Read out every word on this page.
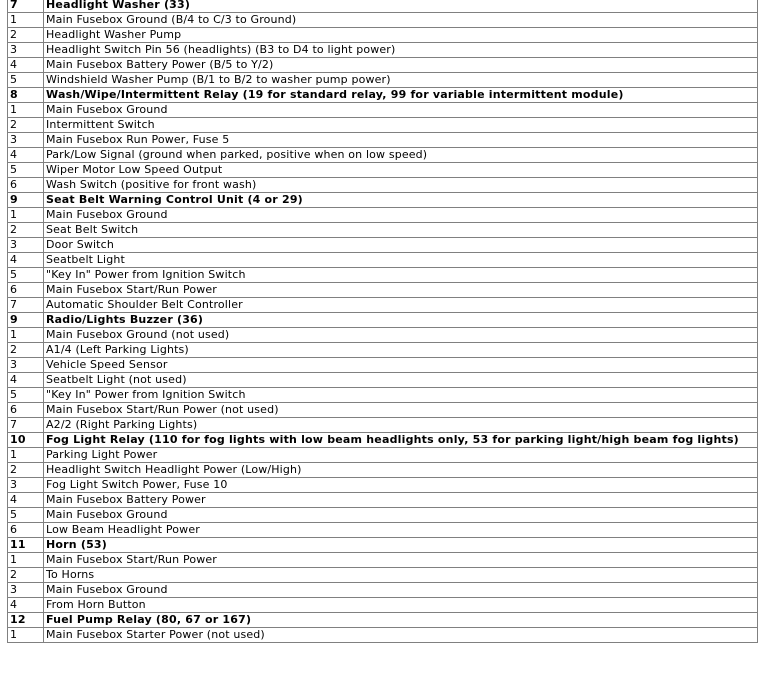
7	Headlight Washer (33)
1	Main Fusebox Ground (B/4 to C/3 to Ground)
2	Headlight Washer Pump
3	Headlight Switch Pin 56 (headlights) (B3 to D4 to light power)
4	Main Fusebox Battery Power (B/5 to Y/2)
5	Windshield Washer Pump (B/1 to B/2 to washer pump power)
8	Wash/Wipe/Intermittent Relay (19 for standard relay, 99 for variable intermittent module)
1	Main Fusebox Ground
2	Intermittent Switch
3	Main Fusebox Run Power, Fuse 5
4	Park/Low Signal (ground when parked, positive when on low speed)
5	Wiper Motor Low Speed Output
6	Wash Switch (positive for front wash)
9	Seat Belt Warning Control Unit (4 or 29)
1	Main Fusebox Ground
2	Seat Belt Switch
3	Door Switch
4	Seatbelt Light
5	"Key In" Power from Ignition Switch
6	Main Fusebox Start/Run Power
7	Automatic Shoulder Belt Controller
9	Radio/Lights Buzzer (36)
1	Main Fusebox Ground (not used)
2	A1/4 (Left Parking Lights)
3	Vehicle Speed Sensor
4	Seatbelt Light (not used)
5	"Key In" Power from Ignition Switch
6	Main Fusebox Start/Run Power (not used)
7	A2/2 (Right Parking Lights)
10	Fog Light Relay (110 for fog lights with low beam headlights only, 53 for parking light/high beam fog lights)
1	Parking Light Power
2	Headlight Switch Headlight Power (Low/High)
3	Fog Light Switch Power, Fuse 10
4	Main Fusebox Battery Power
5	Main Fusebox Ground
6	Low Beam Headlight Power
11	Horn (53)
1	Main Fusebox Start/Run Power
2	To Horns
3	Main Fusebox Ground
4	From Horn Button
12	Fuel Pump Relay (80, 67 or 167)
1	Main Fusebox Starter Power (not used)
